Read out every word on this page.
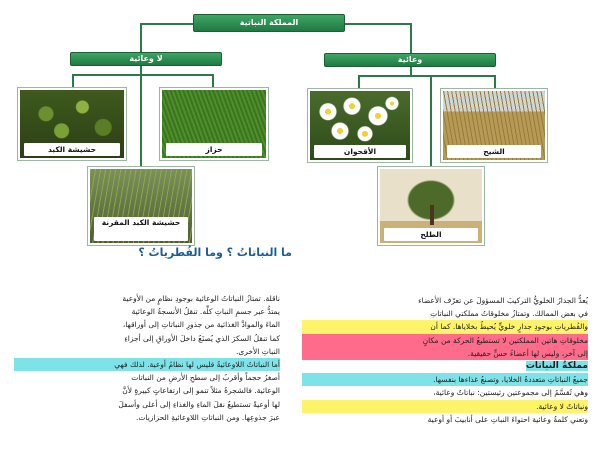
المملكة النباتية
لا وعائية	وعائية
حشيشة الكبد	حزاز
حشيشة الكبد المقرنة
الأقحوان	الشيح
الطلح
ما النباتاتُ ؟ وما الفُطرياتُ ؟
يُعدُّ الجدارُ الخلويُّ التركيبَ المسؤولَ عن تعرّف الأعضاء
في بعض الممالك. وتمتازُ مخلوقاتُ مملكتي النباتاتِ
والفُطرياتِ بوجودِ جدارٍ خلويٍّ يُحيطُ بخلاياها. كما أن
مخلوقاتِ هاتين المملكتين لا تستطيعُ الحركة من مكانٍ
إلى آخر، وليس لها أعضاءُ حسٍّ حقيقية.
مملكةُ النباتات
جميعُ النباتاتِ متعددةُ الخلايا، وتصنعُ غذاءها بنفسها.
وهي تُقسَّمُ إلى مجموعتين رئيستين: نباتاتٌ وعائية،
ونباتاتٌ لا وعائية.
وتعني كلمةُ وعائية احتواءَ النباتِ على أنابيبَ أو أوعية
ناقلة. تمتازُ النباتاتُ الوعائية بوجودِ نظامٍ من الأوعية
يمتدُّ عبر جسمِ النباتِ كلِّه. تنقلُ الأنسجةُ الوعائية
الماءَ والموادَّ الغذائية من جذورِ النباتاتِ إلى أوراقها،
كما تنقلُ السكرَ الذي يُصنَعُ داخلَ الأوراقِ إلى أجزاءِ
النباتِ الأخرى.
أما النباتاتُ اللاوعائيةُ فليس لها نظامُ أوعية. لذلك فهي
أصغرُ حجماً وأقربُ إلى سطحِ الأرضِ من النباتات
الوعائية. فالشجرةُ مثلاً تنمو إلى ارتفاعاتٍ كبيرةٍ لأنَّ
لها أوعيةً تستطيعُ نقلَ الماءِ والغذاءِ إلى أعلى وأسفلَ
عبرَ جذوعِها. ومن النباتاتِ اللاوعائيةِ الحزازيات.
